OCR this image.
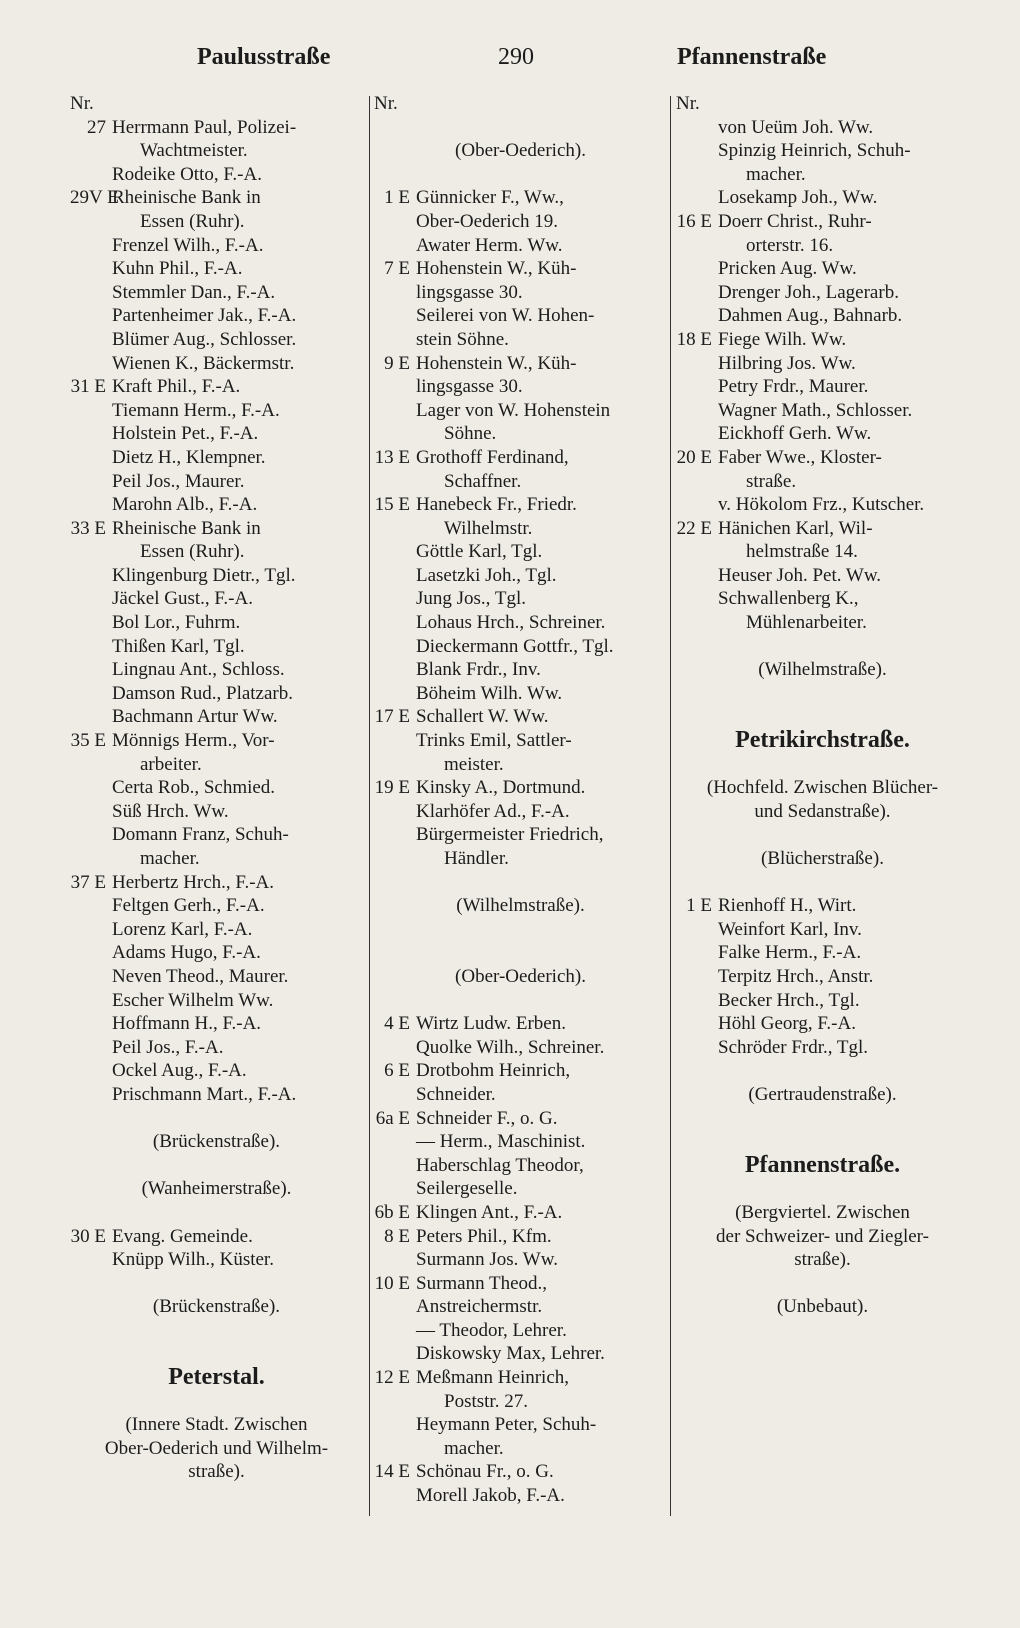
Paulusstraße	290	Pfannenstraße
Nr.
27 Herrmann Paul, Polizei-
Wachtmeister.
Rodeike Otto, F.-A.
29V E
Rheinische Bank in
Essen (Ruhr).
Frenzel Wilh., F.-A.
Kuhn Phil., F.-A.
Stemmler Dan., F.-A.
Partenheimer Jak., F.-A.
Blümer Aug., Schlosser.
Wienen K., Bäckermstr.
31 E Kraft Phil., F.-A.
Tiemann Herm., F.-A.
Holstein Pet., F.-A.
Dietz H., Klempner.
Peil Jos., Maurer.
Marohn Alb., F.-A.
33 E Rheinische Bank in
Essen (Ruhr).
Klingenburg Dietr., Tgl.
Jäckel Gust., F.-A.
Bol Lor., Fuhrm.
Thißen Karl, Tgl.
Lingnau Ant., Schloss.
Damson Rud., Platzarb.
Bachmann Artur Ww.
35 E Mönnigs Herm., Vor-
arbeiter.
Certa Rob., Schmied.
Süß Hrch. Ww.
Domann Franz, Schuh-
macher.
37 E Herbertz Hrch., F.-A.
Feltgen Gerh., F.-A.
Lorenz Karl, F.-A.
Adams Hugo, F.-A.
Neven Theod., Maurer.
Escher Wilhelm Ww.
Hoffmann H., F.-A.
Peil Jos., F.-A.
Ockel Aug., F.-A.
Prischmann Mart., F.-A.
(Brückenstraße).
(Wanheimerstraße).
30 E Evang. Gemeinde.
Knüpp Wilh., Küster.
(Brückenstraße).
Peterstal.
(Innere Stadt. Zwischen
Ober-Oederich und Wilhelm-
straße).
Nr.
(Ober-Oederich).
1 E Günnicker F., Ww.,
Ober-Oederich 19.
Awater Herm. Ww.
7 E Hohenstein W., Küh-
lingsgasse 30.
Seilerei von W. Hohen-
stein Söhne.
9 E Hohenstein W., Küh-
lingsgasse 30.
Lager von W. Hohenstein
Söhne.
13 E Grothoff Ferdinand,
Schaffner.
15 E Hanebeck Fr., Friedr.
Wilhelmstr.
Göttle Karl, Tgl.
Lasetzki Joh., Tgl.
Jung Jos., Tgl.
Lohaus Hrch., Schreiner.
Dieckermann Gottfr., Tgl.
Blank Frdr., Inv.
Böheim Wilh. Ww.
17 E Schallert W. Ww.
Trinks Emil, Sattler-
meister.
19 E Kinsky A., Dortmund.
Klarhöfer Ad., F.-A.
Bürgermeister Friedrich,
Händler.
(Wilhelmstraße).
(Ober-Oederich).
4 E Wirtz Ludw. Erben.
Quolke Wilh., Schreiner.
6 E Drotbohm Heinrich,
Schneider.
6a E Schneider F., o. G.
— Herm., Maschinist.
Haberschlag Theodor,
Seilergeselle.
6b E Klingen Ant., F.-A.
8 E Peters Phil., Kfm.
Surmann Jos. Ww.
10 E Surmann Theod.,
Anstreichermstr.
— Theodor, Lehrer.
Diskowsky Max, Lehrer.
12 E Meßmann Heinrich,
Poststr. 27.
Heymann Peter, Schuh-
macher.
14 E Schönau Fr., o. G.
Morell Jakob, F.-A.
Nr.
von Ueüm Joh. Ww.
Spinzig Heinrich, Schuh-
macher.
Losekamp Joh., Ww.
16 E Doerr Christ., Ruhr-
orterstr. 16.
Pricken Aug. Ww.
Drenger Joh., Lagerarb.
Dahmen Aug., Bahnarb.
18 E Fiege Wilh. Ww.
Hilbring Jos. Ww.
Petry Frdr., Maurer.
Wagner Math., Schlosser.
Eickhoff Gerh. Ww.
20 E Faber Wwe., Kloster-
straße.
v. Hökolom Frz., Kutscher.
22 E Hänichen Karl, Wil-
helmstraße 14.
Heuser Joh. Pet. Ww.
Schwallenberg K.,
Mühlenarbeiter.
(Wilhelmstraße).
Petrikirchstraße.
(Hochfeld. Zwischen Blücher-
und Sedanstraße).
(Blücherstraße).
1 E Rienhoff H., Wirt.
Weinfort Karl, Inv.
Falke Herm., F.-A.
Terpitz Hrch., Anstr.
Becker Hrch., Tgl.
Höhl Georg, F.-A.
Schröder Frdr., Tgl.
(Gertraudenstraße).
Pfannenstraße.
(Bergviertel. Zwischen
der Schweizer- und Ziegler-
straße).
(Unbebaut).
